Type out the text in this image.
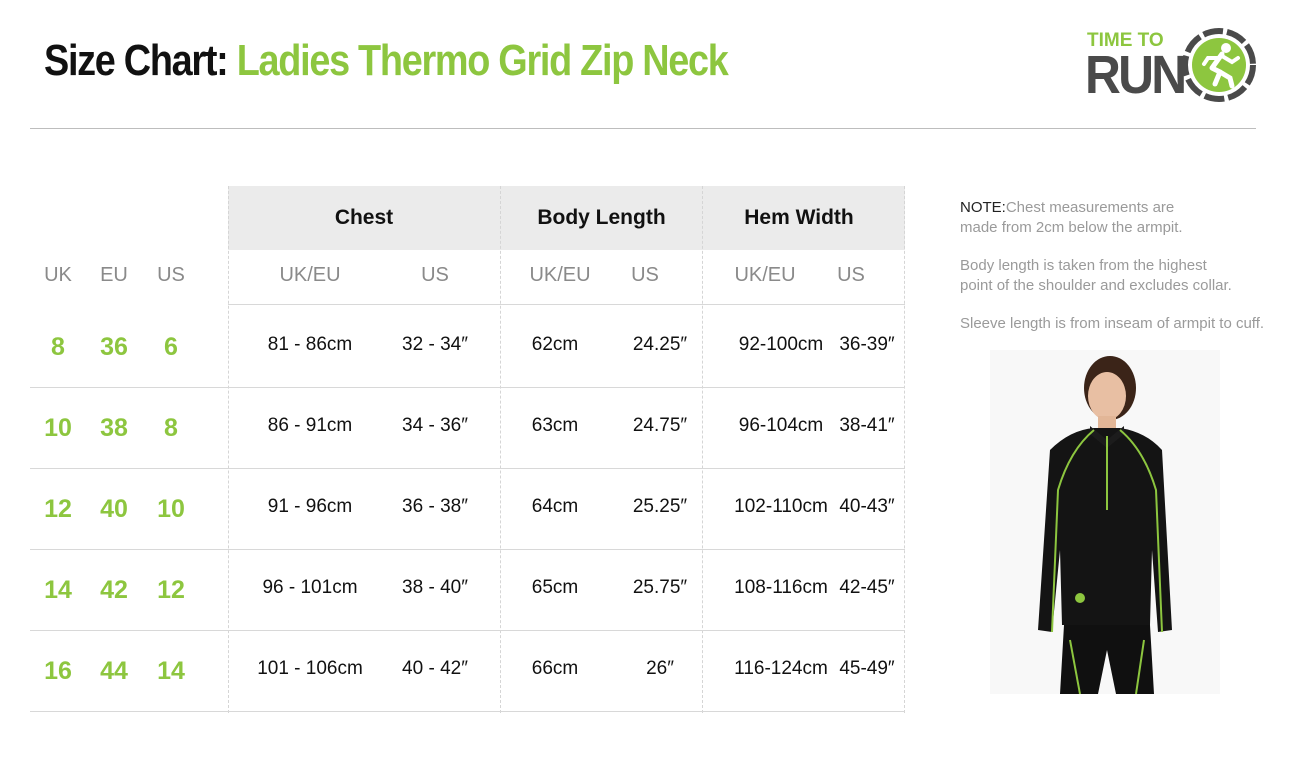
Size Chart: Ladies Thermo Grid Zip Neck	TIME TO
RUN
Chest	Body Length	Hem Width
UK	EU	US	UK/EU	US	UK/EU	US	UK/EU	US
8	36	6	81 - 86cm	32 - 34″	62cm	24.25″	92-100cm 36-39″
10	38	8	86 - 91cm	34 - 36″	63cm	24.75″	96-104cm 38-41″
12	40	10	91 - 96cm	36 - 38″	64cm	25.25″	102-110cm 40-43″
14	42	12	96 - 101cm	38 - 40″	65cm	25.75″	108-116cm 42-45″
16	44	14	101 - 106cm	40 - 42″	66cm	26″	116-124cm 45-49″

NOTE:Chest measurements are
made from 2cm below the armpit.

Body length is taken from the highest
point of the shoulder and excludes collar.

Sleeve length is from inseam of armpit to cuff.
